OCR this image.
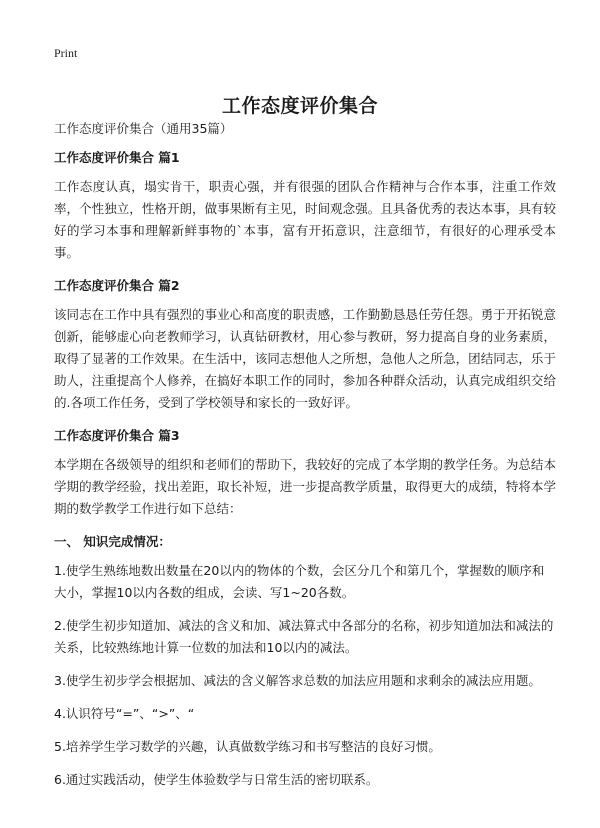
Print
工作态度评价集合

工作态度评价集合（通用35篇）

工作态度评价集合 篇1

工作态度认真，塌实肯干，职责心强，并有很强的团队合作精神与合作本事，注重工作效率，个性独立，性格开朗，做事果断有主见，时间观念强。且具备优秀的表达本事，具有较好的学习本事和理解新鲜事物的`本事，富有开拓意识，注意细节，有很好的心理承受本事。

工作态度评价集合 篇2

该同志在工作中具有强烈的事业心和高度的职责感，工作勤勤恳恳任劳任怨。勇于开拓锐意创新，能够虚心向老教师学习，认真钻研教材，用心参与教研，努力提高自身的业务素质，取得了显著的工作效果。在生活中，该同志想他人之所想，急他人之所急，团结同志，乐于助人，注重提高个人修养，在搞好本职工作的同时，参加各种群众活动，认真完成组织交给的.各项工作任务，受到了学校领导和家长的一致好评。

工作态度评价集合 篇3

本学期在各级领导的组织和老师们的帮助下，我较好的完成了本学期的教学任务。为总结本学期的教学经验，找出差距，取长补短，进一步提高教学质量，取得更大的成绩，特将本学期的数学教学工作进行如下总结：

一、 知识完成情况：

1.使学生熟练地数出数量在20以内的物体的个数，会区分几个和第几个，掌握数的顺序和大小，掌握10以内各数的组成，会读、写1~20各数。

2.使学生初步知道加、减法的含义和加、减法算式中各部分的名称，初步知道加法和减法的关系，比较熟练地计算一位数的加法和10以内的减法。

3.使学生初步学会根据加、减法的含义解答求总数的加法应用题和求剩余的减法应用题。

4.认识符号“=”、“>”、“

5.培养学生学习数学的兴趣，认真做数学练习和书写整洁的良好习惯。

6.通过实践活动，使学生体验数学与日常生活的密切联系。
